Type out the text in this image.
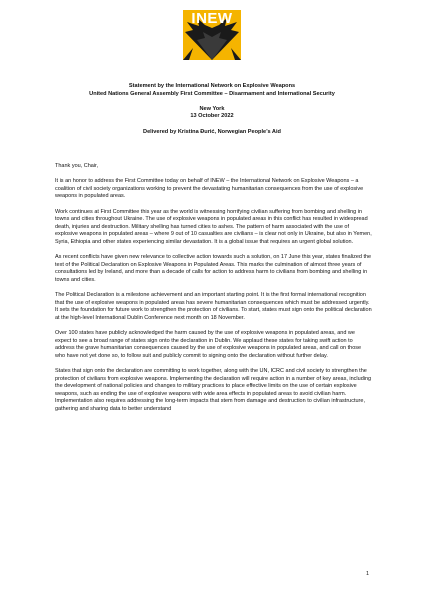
INEW
Statement by the International Network on Explosive Weapons
United Nations General Assembly First Committee – Disarmament and International Security
New York
13 October 2022
Delivered by Kristina Đurić, Norwegian People’s Aid

Thank you, Chair,

It is an honor to address the First Committee today on behalf of INEW – the International Network on Explosive Weapons – a coalition of civil society organizations working to prevent the devastating humanitarian consequences from the use of explosive weapons in populated areas.

Work continues at First Committee this year as the world is witnessing horrifying civilian suffering from bombing and shelling in towns and cities throughout Ukraine. The use of explosive weapons in populated areas in this conflict has resulted in widespread death, injuries and destruction. Military shelling has turned cities to ashes. The pattern of harm associated with the use of explosive weapons in populated areas – where 9 out of 10 casualties are civilians – is clear not only in Ukraine, but also in Yemen, Syria, Ethiopia and other states experiencing similar devastation. It is a global issue that requires an urgent global solution.

As recent conflicts have given new relevance to collective action towards such a solution, on 17 June this year, states finalized the text of the Political Declaration on Explosive Weapons in Populated Areas. This marks the culmination of almost three years of consultations led by Ireland, and more than a decade of calls for action to address harm to civilians from bombing and shelling in towns and cities.

The Political Declaration is a milestone achievement and an important starting point. It is the first formal international recognition that the use of explosive weapons in populated areas has severe humanitarian consequences which must be addressed urgently. It sets the foundation for future work to strengthen the protection of civilians. To start, states must sign onto the political declaration at the high-level International Dublin Conference next month on 18 November.

Over 100 states have publicly acknowledged the harm caused by the use of explosive weapons in populated areas, and we expect to see a broad range of states sign onto the declaration in Dublin. We applaud these states for taking swift action to address the grave humanitarian consequences caused by the use of explosive weapons in populated areas, and call on those who have not yet done so, to follow suit and publicly commit to signing onto the declaration without further delay.

States that sign onto the declaration are committing to work together, along with the UN, ICRC and civil society to strengthen the protection of civilians from explosive weapons. Implementing the declaration will require action in a number of key areas, including the development of national policies and changes to military practices to place effective limits on the use of certain explosive weapons, such as ending the use of explosive weapons with wide area effects in populated areas to avoid civilian harm. Implementation also requires addressing the long-term impacts that stem from damage and destruction to civilian infrastructure, gathering and sharing data to better understand

1
